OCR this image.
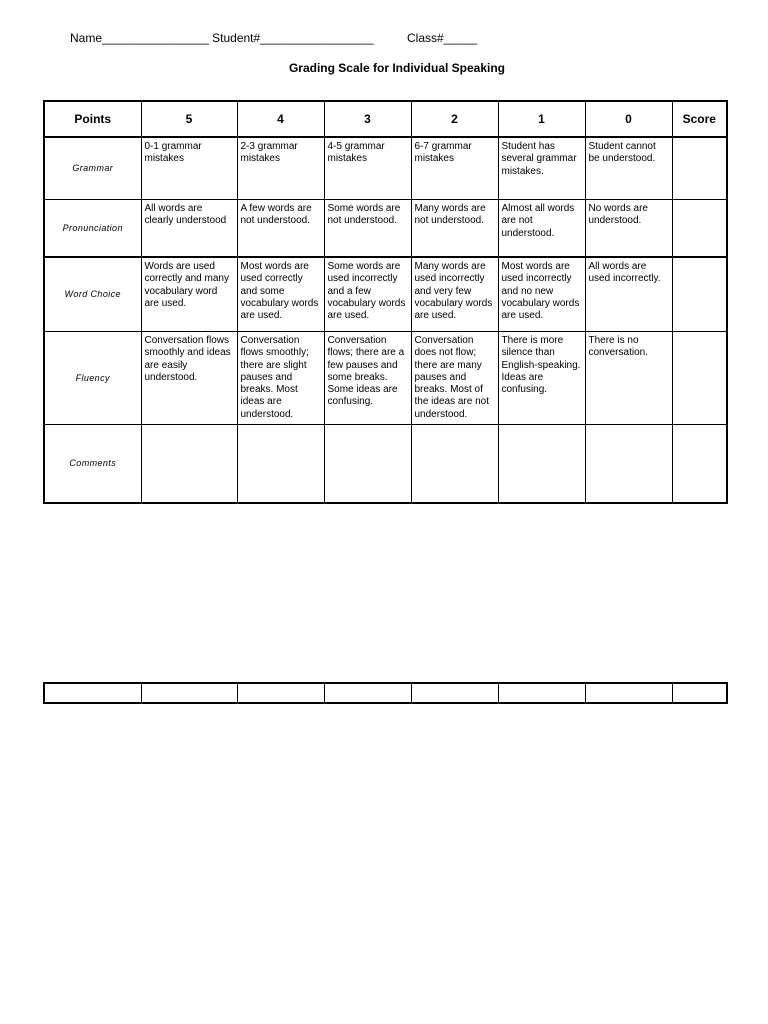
Name________________ Student#_________________	Class#_____
Grading Scale for Individual Speaking
Points	5	4	3	2	1	0	Score
Grammar	0-1 grammar mistakes	2-3 grammar mistakes	4-5 grammar mistakes	6-7 grammar mistakes	Student has several grammar mistakes.	Student cannot be understood.	
Pronunciation	All words are clearly understood	A few words are not understood.	Some words are not understood.	Many words are not understood.	Almost all words are not understood.	No words are understood.	
Word Choice	Words are used correctly and many vocabulary word are used.	Most words are used correctly and some vocabulary words are used.	Some words are used incorrectly and a few vocabulary words are used.	Many words are used incorrectly and very few vocabulary words are used.	Most words are used incorrectly and no new vocabulary words are used.	All words are used incorrectly.	
Fluency	Conversation flows smoothly and ideas are easily understood.	Conversation flows smoothly; there are slight pauses and breaks. Most ideas are understood.	Conversation flows; there are a few pauses and some breaks. Some ideas are confusing.	Conversation does not flow; there are many pauses and breaks. Most of the ideas are not understood.	There is more silence than English-speaking. Ideas are confusing.	There is no conversation.	
Comments							
